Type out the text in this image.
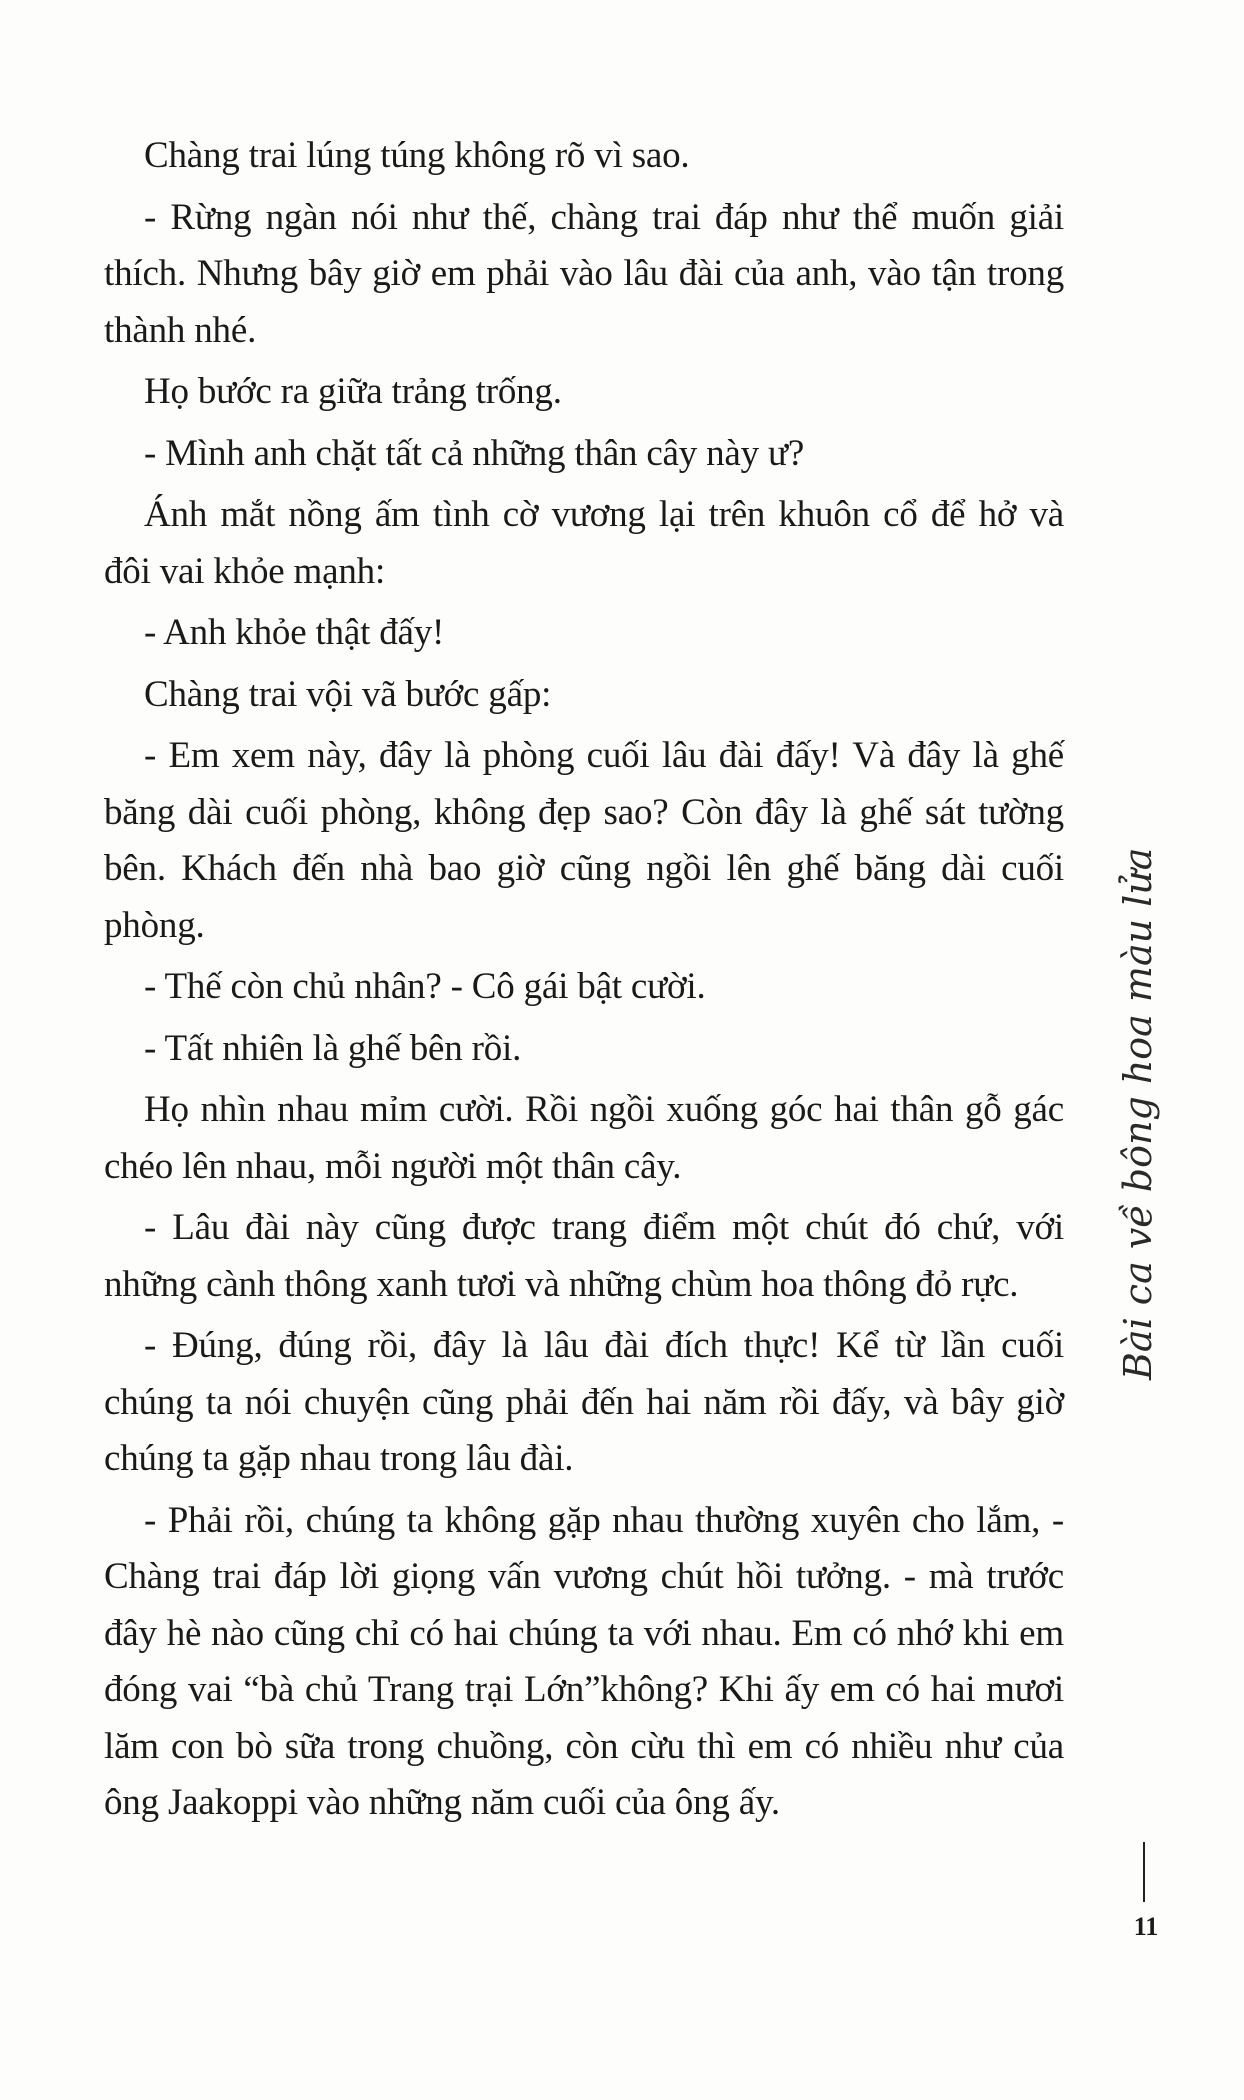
Chàng trai lúng túng không rõ vì sao.

- Rừng ngàn nói như thế, chàng trai đáp như thể muốn giải thích. Nhưng bây giờ em phải vào lâu đài của anh, vào tận trong thành nhé.

Họ bước ra giữa trảng trống.

- Mình anh chặt tất cả những thân cây này ư?

Ánh mắt nồng ấm tình cờ vương lại trên khuôn cổ để hở và đôi vai khỏe mạnh:

- Anh khỏe thật đấy!

Chàng trai vội vã bước gấp:

- Em xem này, đây là phòng cuối lâu đài đấy! Và đây là ghế băng dài cuối phòng, không đẹp sao? Còn đây là ghế sát tường bên. Khách đến nhà bao giờ cũng ngồi lên ghế băng dài cuối phòng.

- Thế còn chủ nhân? - Cô gái bật cười.

- Tất nhiên là ghế bên rồi.

Họ nhìn nhau mỉm cười. Rồi ngồi xuống góc hai thân gỗ gác chéo lên nhau, mỗi người một thân cây.

- Lâu đài này cũng được trang điểm một chút đó chứ, với những cành thông xanh tươi và những chùm hoa thông đỏ rực.

- Đúng, đúng rồi, đây là lâu đài đích thực! Kể từ lần cuối chúng ta nói chuyện cũng phải đến hai năm rồi đấy, và bây giờ chúng ta gặp nhau trong lâu đài.

- Phải rồi, chúng ta không gặp nhau thường xuyên cho lắm, - Chàng trai đáp lời giọng vấn vương chút hồi tưởng. - mà trước đây hè nào cũng chỉ có hai chúng ta với nhau. Em có nhớ khi em đóng vai “bà chủ Trang trại Lớn”không? Khi ấy em có hai mươi lăm con bò sữa trong chuồng, còn cừu thì em có nhiều như của ông Jaakoppi vào những năm cuối của ông ấy.

Bài ca về bông hoa màu lửa
11
